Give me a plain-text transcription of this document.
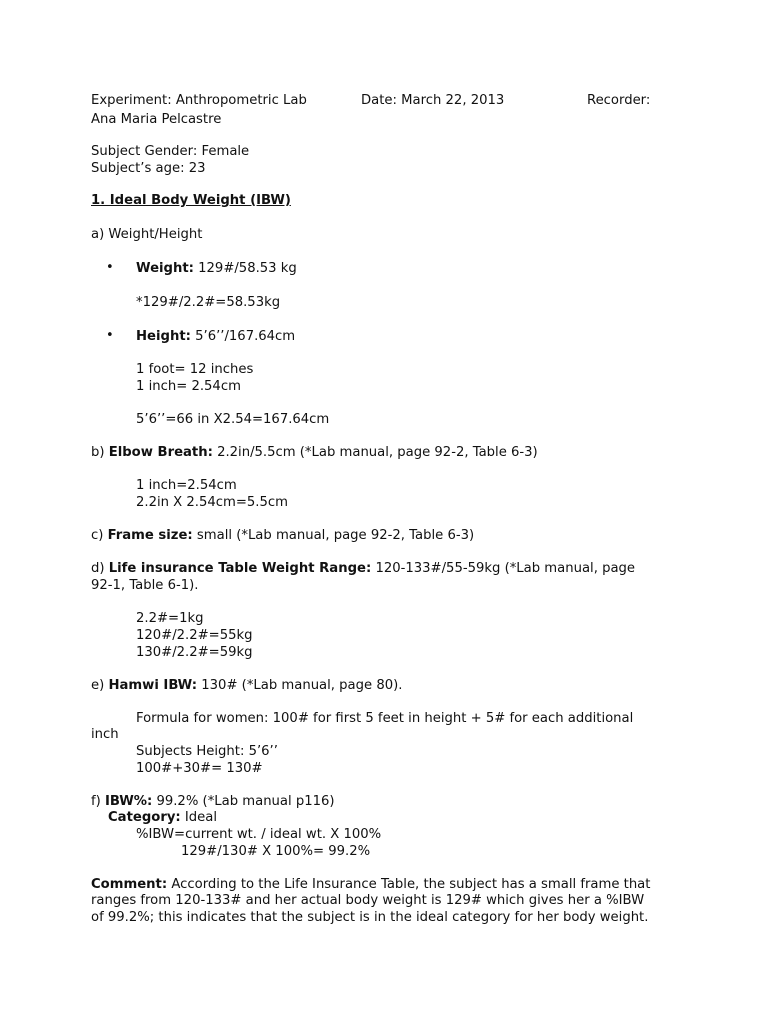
Experiment: Anthropometric Lab	Date: March 22, 2013	Recorder:
Ana Maria Pelcastre
Subject Gender: Female
Subject’s age: 23
1. Ideal Body Weight (IBW)
a) Weight/Height
• Weight: 129#/58.53 kg
*129#/2.2#=58.53kg
• Height: 5’6’’/167.64cm
1 foot= 12 inches
1 inch= 2.54cm
5’6’’=66 in X2.54=167.64cm
b) Elbow Breath: 2.2in/5.5cm (*Lab manual, page 92-2, Table 6-3)
1 inch=2.54cm
2.2in X 2.54cm=5.5cm
c) Frame size: small (*Lab manual, page 92-2, Table 6-3)
d) Life insurance Table Weight Range: 120-133#/55-59kg (*Lab manual, page
92-1, Table 6-1).
2.2#=1kg
120#/2.2#=55kg
130#/2.2#=59kg
e) Hamwi IBW: 130# (*Lab manual, page 80).
Formula for women: 100# for first 5 feet in height + 5# for each additional
inch
Subjects Height: 5’6’’
100#+30#= 130#
f) IBW%: 99.2% (*Lab manual p116)
Category: Ideal
%IBW=current wt. / ideal wt. X 100%
129#/130# X 100%= 99.2%
Comment: According to the Life Insurance Table, the subject has a small frame that
ranges from 120-133# and her actual body weight is 129# which gives her a %IBW
of 99.2%; this indicates that the subject is in the ideal category for her body weight.
